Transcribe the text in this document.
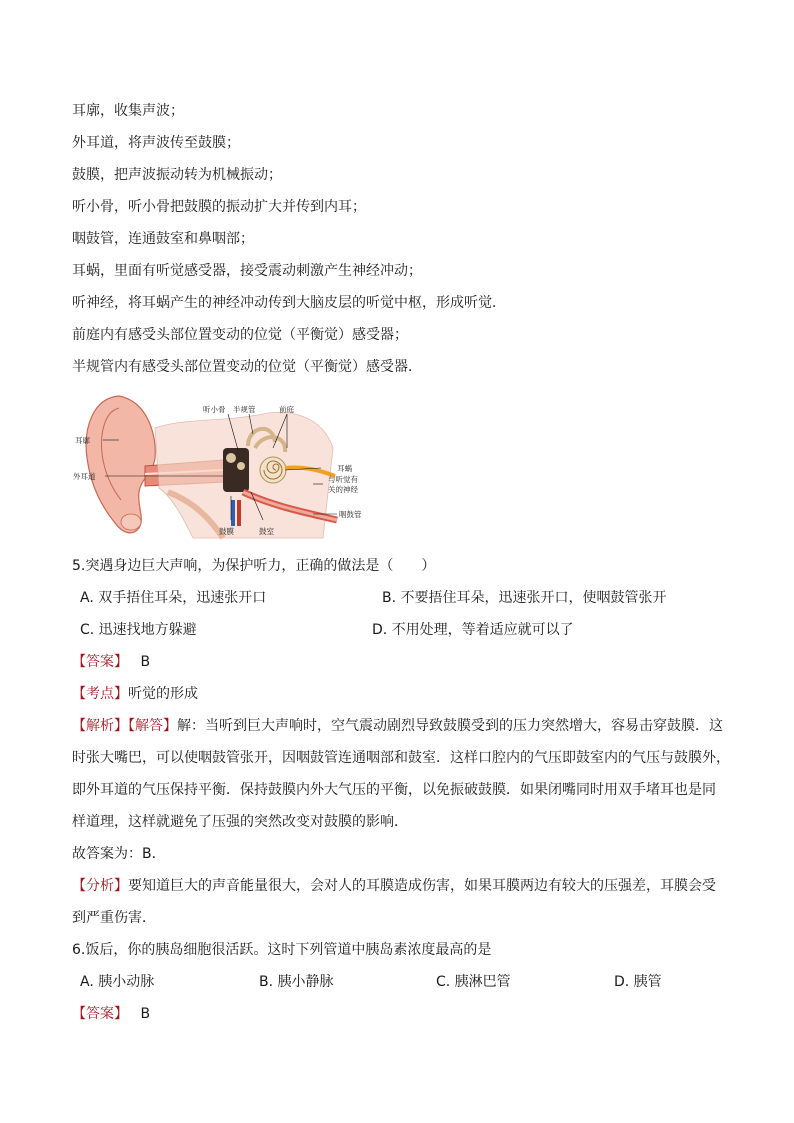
耳廓，收集声波；
外耳道，将声波传至鼓膜；
鼓膜，把声波振动转为机械振动；
听小骨，听小骨把鼓膜的振动扩大并传到内耳；
咽鼓管，连通鼓室和鼻咽部；
耳蜗，里面有听觉感受器，接受震动刺激产生神经冲动；
听神经，将耳蜗产生的神经冲动传到大脑皮层的听觉中枢，形成听觉．
前庭内有感受头部位置变动的位觉（平衡觉）感受器；
半规管内有感受头部位置变动的位觉（平衡觉）感受器．
耳廓
外耳道
听小骨 半规管	前庭
耳蜗
与听觉有
关的神经
咽鼓管
鼓膜	鼓室
5.突遇身边巨大声响，为保护听力，正确的做法是（　　）
A. 双手捂住耳朵，迅速张开口	B. 不要捂住耳朵，迅速张开口，使咽鼓管张开
C. 迅速找地方躲避	D. 不用处理，等着适应就可以了
【答案】 B
【考点】听觉的形成
【解析】【解答】解：当听到巨大声响时，空气震动剧烈导致鼓膜受到的压力突然增大，容易击穿鼓膜．这
时张大嘴巴，可以使咽鼓管张开，因咽鼓管连通咽部和鼓室．这样口腔内的气压即鼓室内的气压与鼓膜外，
即外耳道的气压保持平衡．保持鼓膜内外大气压的平衡，以免振破鼓膜．如果闭嘴同时用双手堵耳也是同
样道理，这样就避免了压强的突然改变对鼓膜的影响．
故答案为：B．
【分析】要知道巨大的声音能量很大，会对人的耳膜造成伤害，如果耳膜两边有较大的压强差，耳膜会受
到严重伤害．
6.饭后，你的胰岛细胞很活跃。这时下列管道中胰岛素浓度最高的是
A. 胰小动脉	B. 胰小静脉	C. 胰淋巴管	D. 胰管
【答案】 B
